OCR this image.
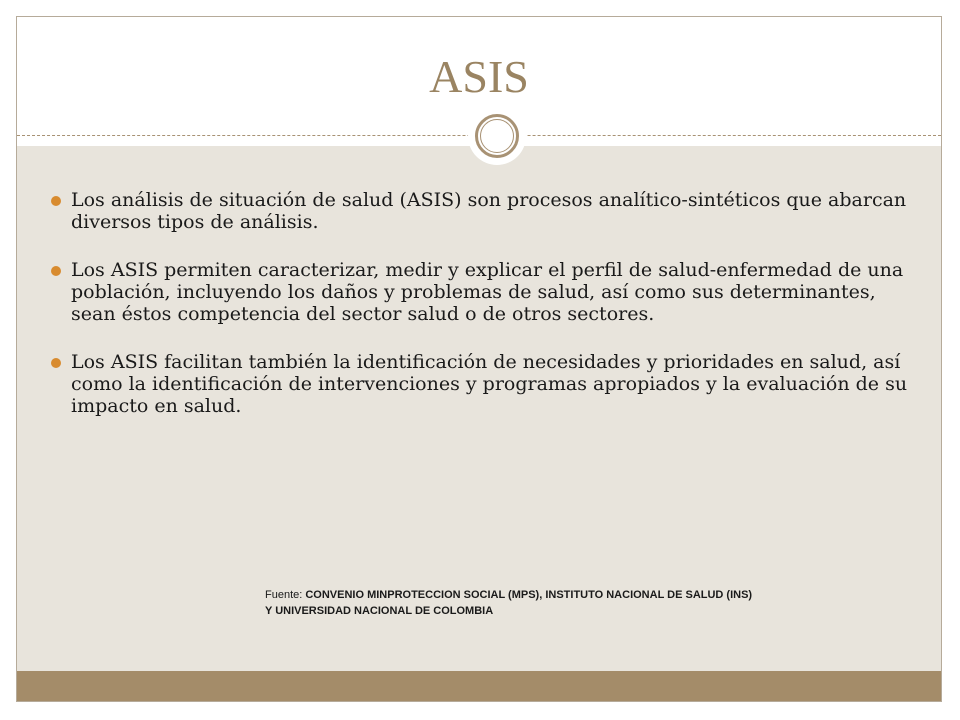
ASIS
Los análisis de situación de salud (ASIS) son procesos analítico-sintéticos que abarcan diversos tipos de análisis.
Los ASIS permiten caracterizar, medir y explicar el perfil de salud-enfermedad de una población, incluyendo los daños y problemas de salud, así como sus determinantes, sean éstos competencia del sector salud o de otros sectores.
Los ASIS facilitan también la identificación de necesidades y prioridades en salud, así como la identificación de intervenciones y programas apropiados y la evaluación de su impacto en salud.
Fuente: CONVENIO MINPROTECCION SOCIAL (MPS), INSTITUTO NACIONAL DE SALUD (INS)
Y UNIVERSIDAD NACIONAL DE COLOMBIA
